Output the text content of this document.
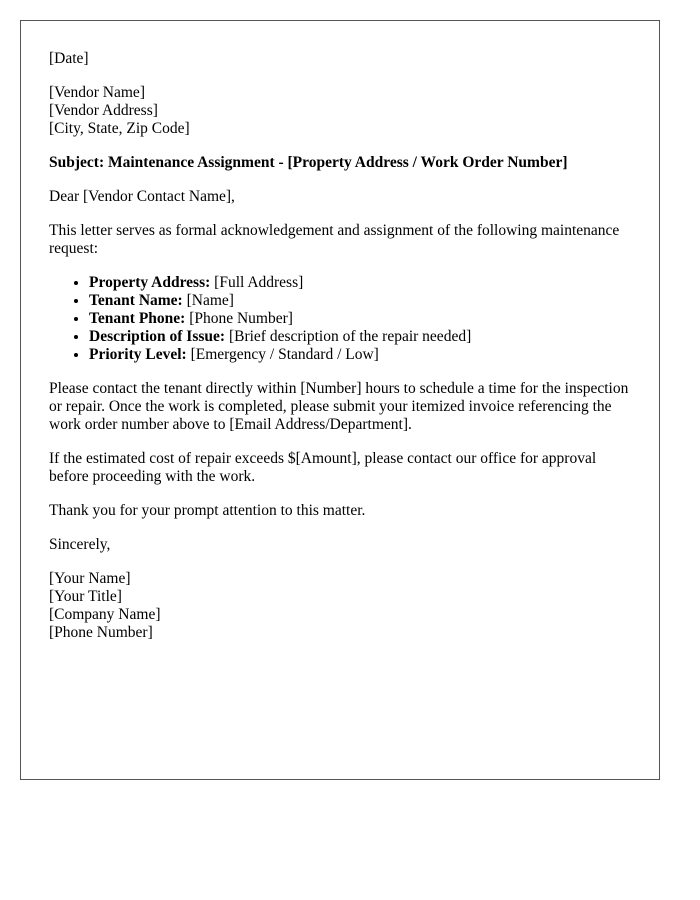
[Date]
[Vendor Name]
[Vendor Address]
[City, State, Zip Code]

Subject: Maintenance Assignment - [Property Address / Work Order Number]

Dear [Vendor Contact Name],

This letter serves as formal acknowledgement and assignment of the following maintenance request:

• Property Address: [Full Address]
• Tenant Name: [Name]
• Tenant Phone: [Phone Number]
• Description of Issue: [Brief description of the repair needed]
• Priority Level: [Emergency / Standard / Low]

Please contact the tenant directly within [Number] hours to schedule a time for the inspection or repair. Once the work is completed, please submit your itemized invoice referencing the work order number above to [Email Address/Department].

If the estimated cost of repair exceeds $[Amount], please contact our office for approval before proceeding with the work.

Thank you for your prompt attention to this matter.

Sincerely,

[Your Name]
[Your Title]
[Company Name]
[Phone Number]
